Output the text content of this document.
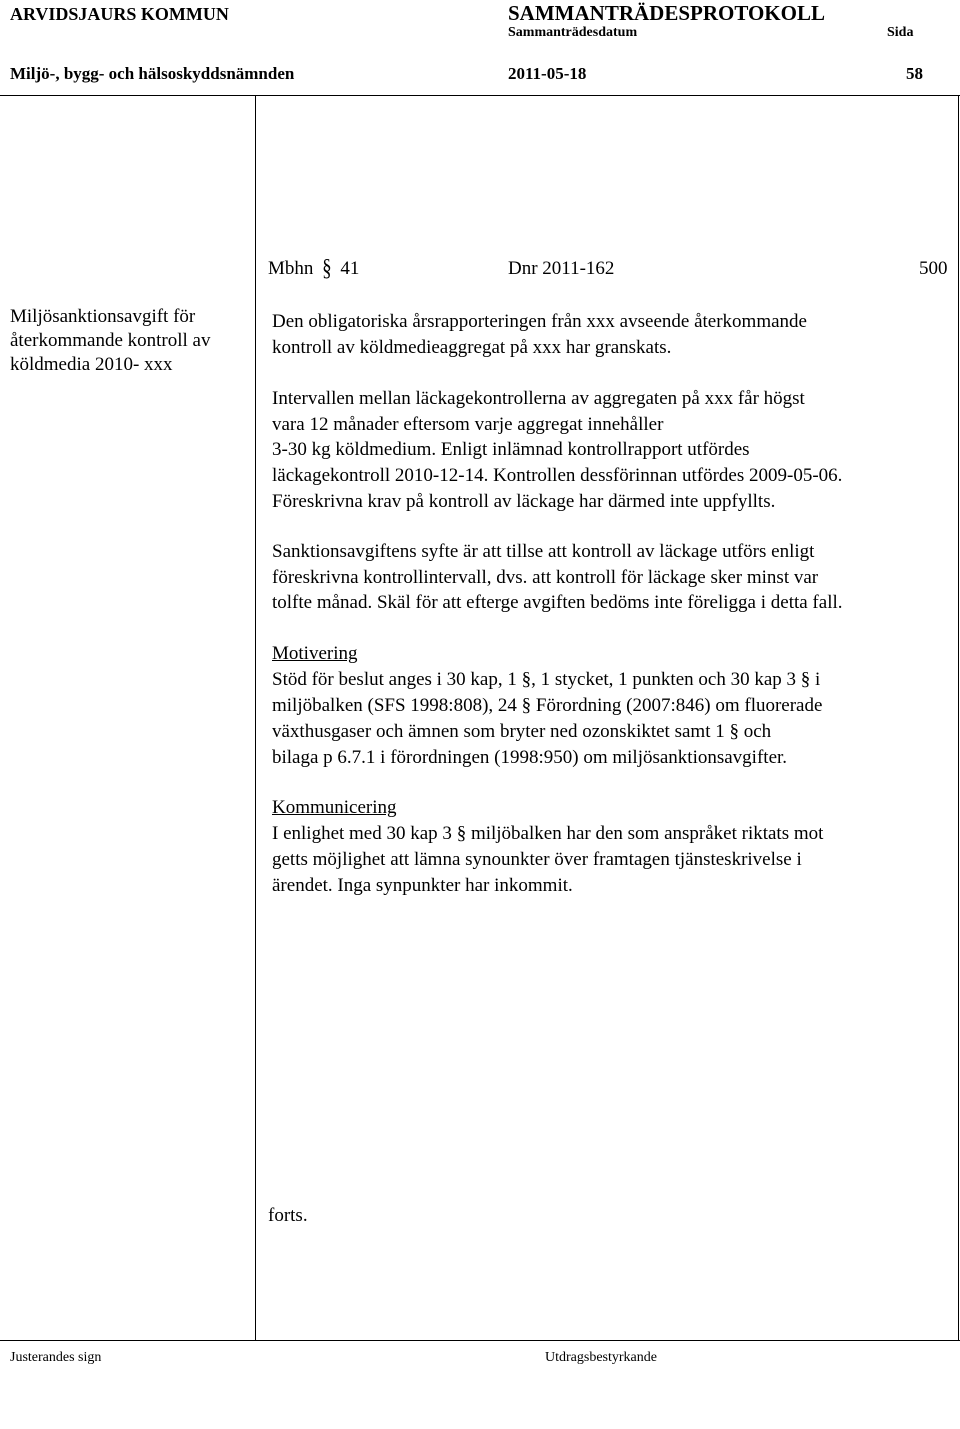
ARVIDSJAURS KOMMUN	SAMMANTRÄDESPROTOKOLL
Sammanträdesdatum	Sida
Miljö-, bygg- och hälsoskyddsnämnden	2011-05-18	58
Mbhn § 41	Dnr 2011-162	500
Miljösanktionsavgift för
återkommande kontroll av
köldmedia 2010- xxx
Den obligatoriska årsrapporteringen från xxx avseende återkommande
kontroll av köldmedieaggregat på xxx har granskats.
Intervallen mellan läckagekontrollerna av aggregaten på xxx får högst
vara 12 månader eftersom varje aggregat innehåller
3-30 kg köldmedium. Enligt inlämnad kontrollrapport utfördes
läckagekontroll 2010-12-14. Kontrollen dessförinnan utfördes 2009-05-06.
Föreskrivna krav på kontroll av läckage har därmed inte uppfyllts.
Sanktionsavgiftens syfte är att tillse att kontroll av läckage utförs enligt
föreskrivna kontrollintervall, dvs. att kontroll för läckage sker minst var
tolfte månad. Skäl för att efterge avgiften bedöms inte föreligga i detta fall.
Motivering
Stöd för beslut anges i 30 kap, 1 §, 1 stycket, 1 punkten och 30 kap 3 § i
miljöbalken (SFS 1998:808), 24 § Förordning (2007:846) om fluorerade
växthusgaser och ämnen som bryter ned ozonskiktet samt 1 § och
bilaga p 6.7.1 i förordningen (1998:950) om miljösanktionsavgifter.
Kommunicering
I enlighet med 30 kap 3 § miljöbalken har den som anspråket riktats mot
getts möjlighet att lämna synounkter över framtagen tjänsteskrivelse i
ärendet. Inga synpunkter har inkommit.
forts.
Justerandes sign	Utdragsbestyrkande
